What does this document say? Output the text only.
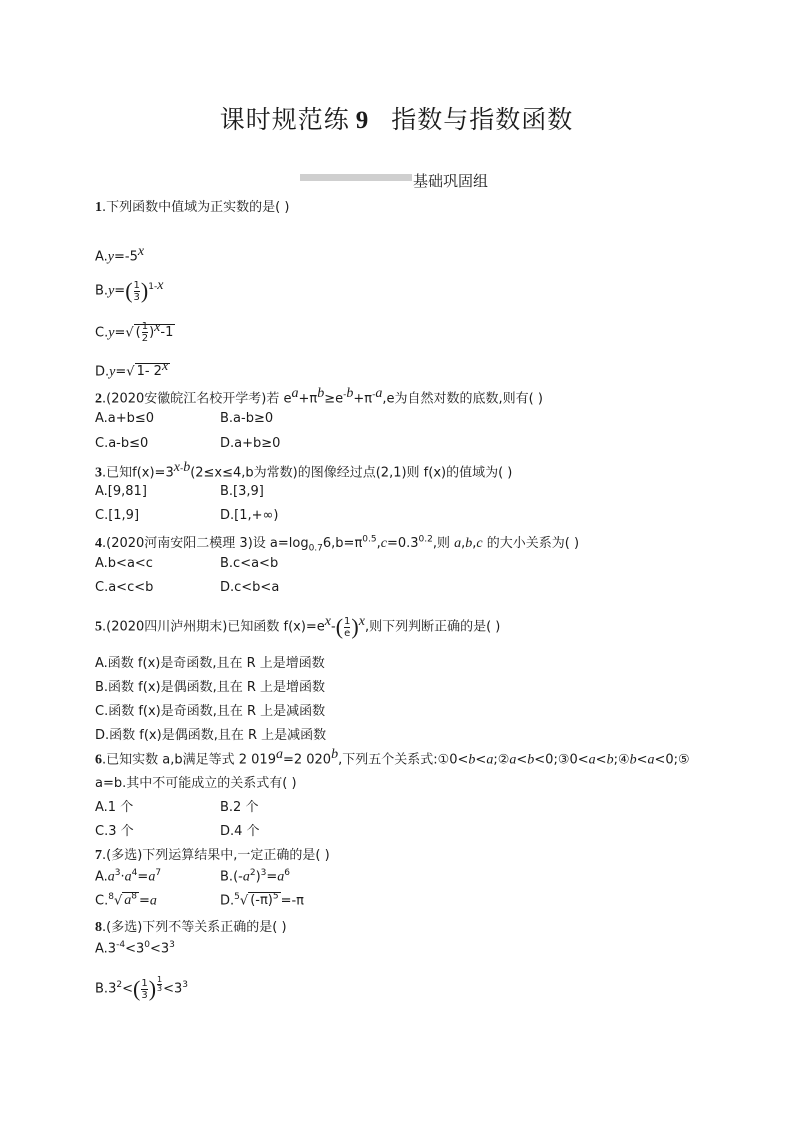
课时规范练 9 指数与指数函数
基础巩固组
1.下列函数中值域为正实数的是( )
$A.y=-5^x$
$B.y=( \frac{1}{3} )^{1-x}$
C.y=√ ( $\frac{1}{2} )^x-1$
D.y=√ 1- 2$^x$
2.(2020安徽皖江名校开学考)若 $e^a+\pi^b\ge e^{-b}+\pi^{-a},e$为自然对数的底数,则有( )
A.a+b≤0	B.a-b≥0
C.a-b≤0	D.a+b≥0
3.已知$f(x)=3^{x-b}(2\le x\le 4,b$为常数)的图像经过点(2,1)则 f(x)的值域为( )
A.[9,81]	B.[3,9]
C.[1,9]	D.[1,+∞)
4.(2020河南安阳二模理 3)设 $a=\log_{0.7}6,b=\pi^{0.5},c=0.3^{0.2}$,则 a,b,c 的大小关系为( )
A.b<a<c	B.c<a<b
C.a<c<b	D.c<b<a
5.(2020四川泸州期末)已知函数 $f(x)=e^x-( \frac{1}{e} )^x$,则下列判断正确的是( )
A.函数 f(x)是奇函数,且在 R 上是增函数
B.函数 f(x)是偶函数,且在 R 上是增函数
C.函数 f(x)是奇函数,且在 R 上是减函数
D.函数 f(x)是偶函数,且在 R 上是减函数
6.已知实数 a,b满足等式 2 $019^a=2$ 020$^b$,下列五个关系式:①0<b<a;②a<b<0;③0<a<b;④b<a<0;⑤
a=b.其中不可能成立的关系式有( )
A.1 个	B.2 个
C.3 个	D.4 个
7.(多选)下列运算结果中,一定正确的是( )
$A.a^3\cdot a^4=a^7$	$B.(-a^2)^3=a^6$
C.$^8$√ $a^8 =a$	D.$^5$√ $(-\pi)^5 =-\pi$
8.(多选)下列不等关系正确的是( )
$A.3^{-4}<3^0<3^3$
$B.3^2<( \frac{1}{3}$ ) $^{\frac{1}{3}} <3^3$
